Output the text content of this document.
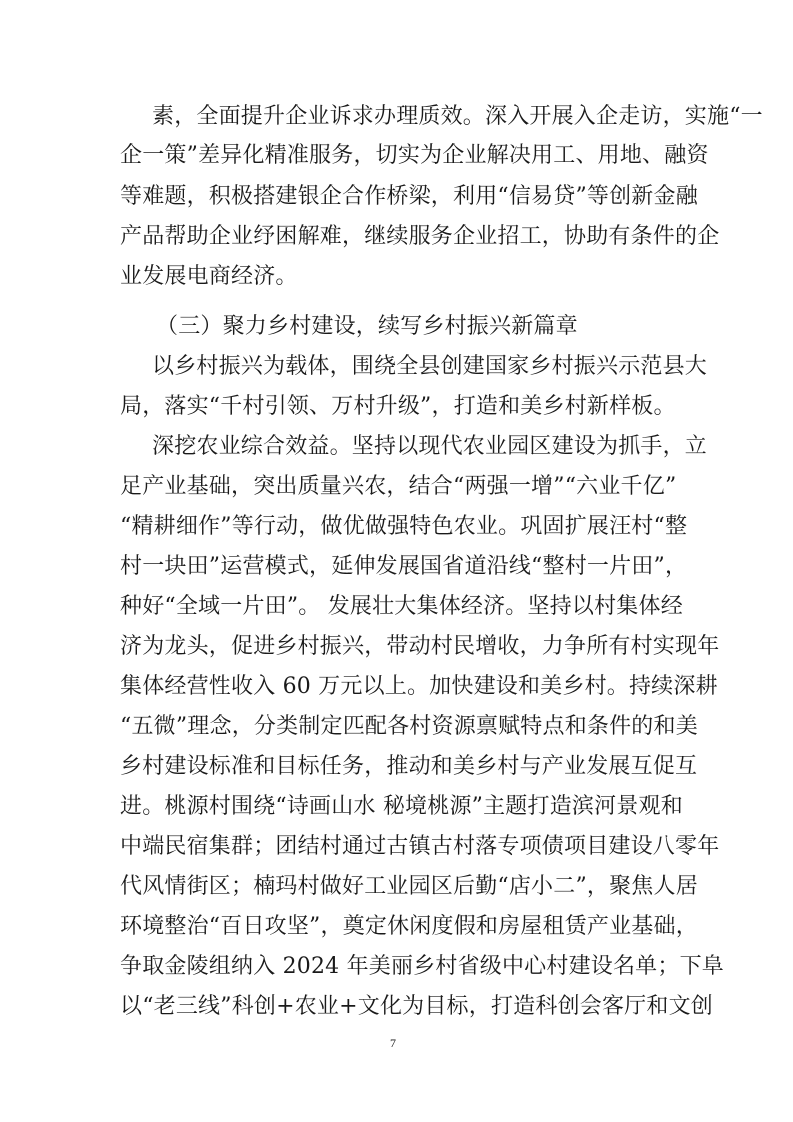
素，全面提升企业诉求办理质效。深入开展入企走访，实施“一
企一策”差异化精准服务，切实为企业解决用工、用地、融资
等难题，积极搭建银企合作桥梁，利用“信易贷”等创新金融
产品帮助企业纾困解难，继续服务企业招工，协助有条件的企
业发展电商经济。
（三）聚力乡村建设，续写乡村振兴新篇章
以乡村振兴为载体，围绕全县创建国家乡村振兴示范县大
局，落实“千村引领、万村升级”，打造和美乡村新样板。
深挖农业综合效益。坚持以现代农业园区建设为抓手，立
足产业基础，突出质量兴农，结合“两强一增”“六业千亿”
“精耕细作”等行动，做优做强特色农业。巩固扩展汪村“整
村一块田”运营模式，延伸发展国省道沿线“整村一片田”，
种好“全域一片田”。 发展壮大集体经济。坚持以村集体经
济为龙头，促进乡村振兴，带动村民增收，力争所有村实现年
集体经营性收入 60 万元以上。加快建设和美乡村。持续深耕
“五微”理念，分类制定匹配各村资源禀赋特点和条件的和美
乡村建设标准和目标任务，推动和美乡村与产业发展互促互
进。桃源村围绕“诗画山水 秘境桃源”主题打造滨河景观和
中端民宿集群；团结村通过古镇古村落专项债项目建设八零年
代风情街区；楠玛村做好工业园区后勤“店小二”，聚焦人居
环境整治“百日攻坚”，奠定休闲度假和房屋租赁产业基础，
争取金陵组纳入 2024 年美丽乡村省级中心村建设名单；下阜
以“老三线”科创+农业+文化为目标，打造科创会客厅和文创
7
